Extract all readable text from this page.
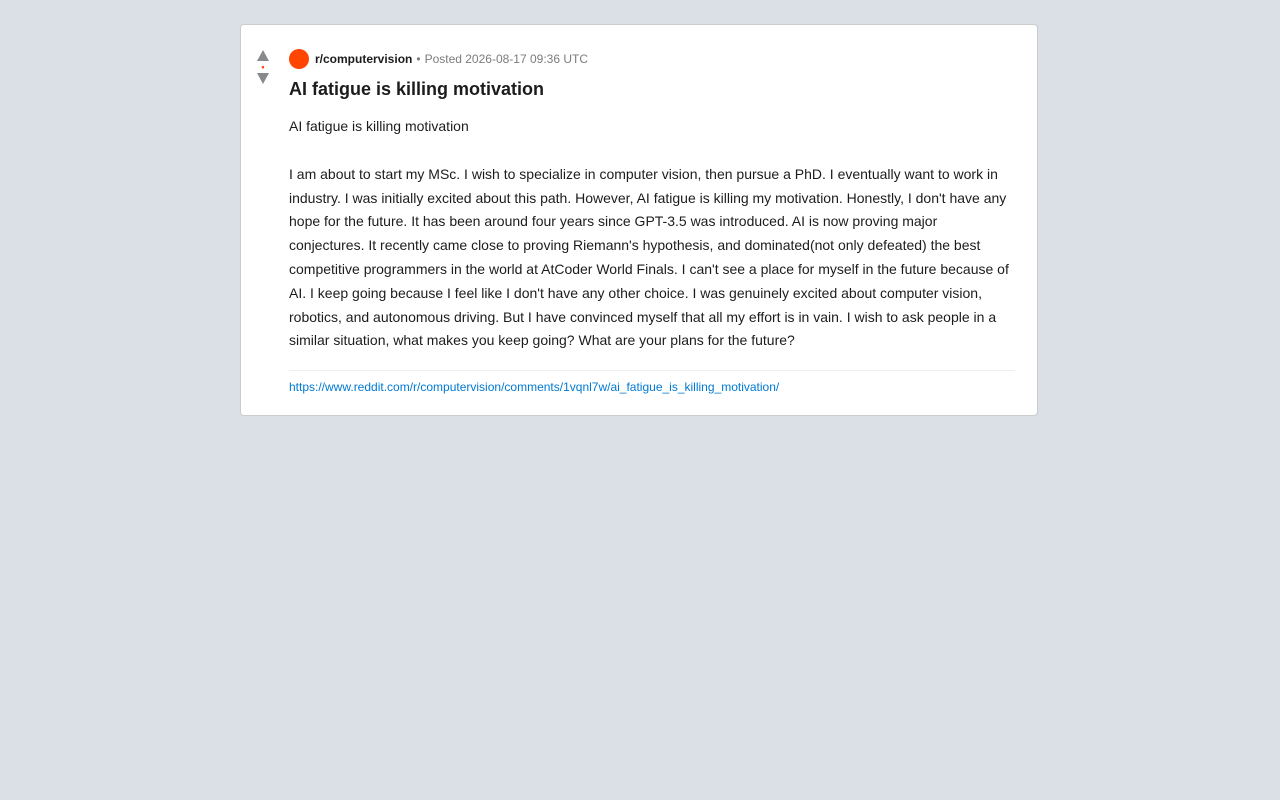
•
r/computervision • Posted 2026-08-17 09:36 UTC
AI fatigue is killing motivation

AI fatigue is killing motivation

I am about to start my MSc. I wish to specialize in computer vision, then pursue a PhD. I eventually want to work in industry. I was initially excited about this path. However, AI fatigue is killing my motivation. Honestly, I don't have any hope for the future. It has been around four years since GPT-3.5 was introduced. AI is now proving major conjectures. It recently came close to proving Riemann's hypothesis, and dominated(not only defeated) the best competitive programmers in the world at AtCoder World Finals. I can't see a place for myself in the future because of AI. I keep going because I feel like I don't have any other choice. I was genuinely excited about computer vision, robotics, and autonomous driving. But I have convinced myself that all my effort is in vain. I wish to ask people in a similar situation, what makes you keep going? What are your plans for the future?

https://www.reddit.com/r/computervision/comments/1vqnl7w/ai_fatigue_is_killing_motivation/
